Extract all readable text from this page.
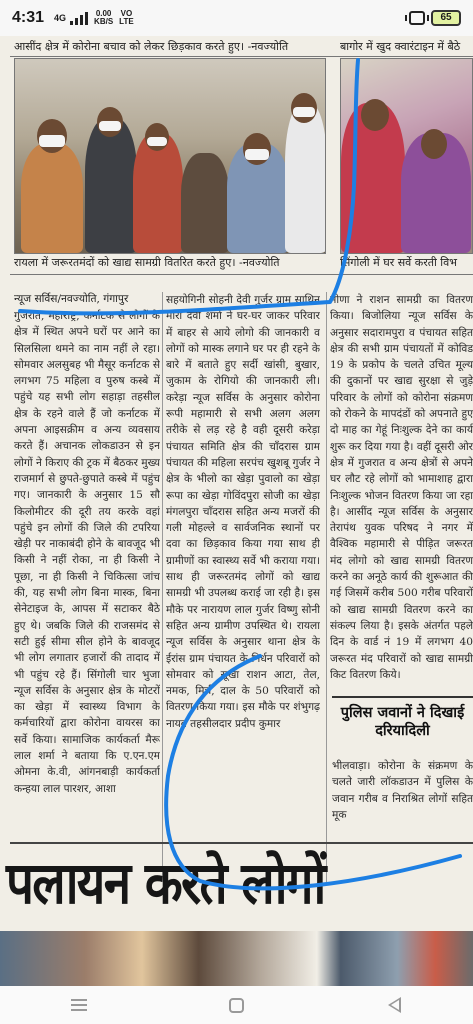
4:31 4G	0.00
KB/S
VO
LTE	65
आसींद क्षेत्र में कोरोना बचाव को लेकर छिड़काव करते हुए। -नवज्योति	बागोर में खुद क्वारंटाइन में बैठे
रायला में जरूरतमंदों को खाद्य सामग्री वितरित करते हुए। -नवज्योति	सिंगोली में घर सर्वे करती विभ
न्यूज सर्विस/नवज्योति, गंगापुर

गुजरात, महाराष्ट्र, कर्नाटक से लोगों के क्षेत्र में स्थित अपने घरों पर आने का सिलसिला थमने का नाम नहीं ले रहा। सोमवार अलसुबह भी मैसूर कर्नाटक से लगभग 75 महिला व पुरुष कस्बे में पहुंचे यह सभी लोग सहाड़ा तहसील क्षेत्र के रहने वाले हैं जो कर्नाटक में अपना आइसक्रीम व अन्य व्यवसाय करते हैं। अचानक लोकडाउन से इन लोगों ने किराए की ट्रक में बैठकर मुख्य राजमार्ग से छुपते-छुपाते कस्बे में पहुंच गए। जानकारी के अनुसार 15 सौ किलोमीटर की दूरी तय करके वहां पहुंचे इन लोगों की जिले की टपरिया खेड़ी पर नाकाबंदी होने के बावजूद भी किसी ने नहीं रोका, ना ही किसी ने पूछा, ना ही किसी ने चिकित्सा जांच की, यह सभी लोग बिना मास्क, बिना सेनेटाइज के, आपस में सटाकर बैठे हुए थे। जबकि जिले की राजसमंद से सटी हुई सीमा सील होने के बावजूद भी लोग लगातार हजारों की तादाद में भी पहुंच रहे हैं। सिंगोली चार भुजा न्यूज सर्विस के अनुसार क्षेत्र के मोटरों का खेड़ा में स्वास्थ्य विभाग के कर्मचारियों द्वारा कोरोना वायरस का सर्वे किया। सामाजिक कार्यकर्ता मैरू लाल शर्मा ने बताया कि ए.एन.एम ओमना के.वी, आंगनबाड़ी कार्यकर्ता कन्हया लाल पारशर, आशा

सहयोगिनी सोहनी देवी गुर्जर ग्राम साथिन मीरां देवी शर्मा ने घर-घर जाकर परिवार में बाहर से आये लोगो की जानकारी व लोगों को मास्क लगाने घर पर ही रहने के बारे में बताते हुए सर्दी खांसी, बुखार, जुकाम के रोगियो की जानकारी ली। करेड़ा न्यूज सर्विस के अनुसार कोरोना रूपी महामारी से सभी अलग अलग तरीके से लड़ रहे है वही दूसरी करेड़ा पंचायत समिति क्षेत्र की चाँदरास ग्राम पंचायत की महिला सरपंच खुशबू गुर्जर ने क्षेत्र के भीलो का खेड़ा पुवालो का खेड़ा रूपा का खेड़ा गोविंदपुरा सोजी का खेड़ा मंगलपुरा चाँदरास सहित अन्य मजरों की गली मोहल्ले व सार्वजनिक स्थानों पर दवा का छिड़काव किया गया साथ ही ग्रामीणों का स्वास्थ्य सर्वे भी कराया गया। साथ ही जरूरतमंद लोगों को खाद्य सामग्री भी उपलब्ध कराई जा रही है। इस मौके पर नारायण लाल गुर्जर विष्णु सोनी सहित अन्य ग्रामीण उपस्थित थे। रायला न्यूज सर्विस के अनुसार थाना क्षेत्र के ईरांस ग्राम पंचायत के निर्धन परिवारों को सोमवार को सूखा राशन आटा, तेल, नमक, मिर्च, दाल के 50 परिवारों को वितरण किया गया। इस मौके पर शंभुगढ़ नायब तहसीलदार प्रदीप कुमार

मीणा ने राशन सामग्री का वितरण किया। बिजोलिया न्यूज सर्विस के अनुसार सदारामपुरा व पंचायत सहित क्षेत्र की सभी ग्राम पंचायतों में कोविड 19 के प्रकोप के चलते उचित मूल्य की दुकानों पर खाद्य सुरक्षा से जुड़े परिवार के लोगों को कोरोना संक्रमण को रोकने के मापदंडों को अपनाते हुए दो माह का गेहूं निःशुल्क देने का कार्य शुरू कर दिया गया है। वहीं दूसरी ओर क्षेत्र में गुजरात व अन्य क्षेत्रों से अपने घर लौट रहे लोगों को भामाशाह द्वारा निःशुल्क भोजन वितरण किया जा रहा है। आसींद न्यूज सर्विस के अनुसार तेरापंथ युवक परिषद ने नगर में वैश्विक महामारी से पीड़ित जरूरत मंद लोगो को खाद्य सामग्री वितरण करने का अनूठे कार्य की शुरूआत की गई जिसमें करीब 500 गरीब परिवारों को खाद्य सामग्री वितरण करने का संकल्प लिया है। इसके अंतर्गत पहले दिन के वार्ड नं 19 में लगभग 40 जरूरत मंद परिवारों को खाद्य सामग्री किट वितरण किये।

पुलिस जवानों ने दिखाई दरियादिली
भीलवाड़ा। कोरोना के संक्रमण के चलते जारी लॉकडाउन में पुलिस के जवान गरीब व निराश्रित लोगों सहित मूक
पलायन करते लोगों
